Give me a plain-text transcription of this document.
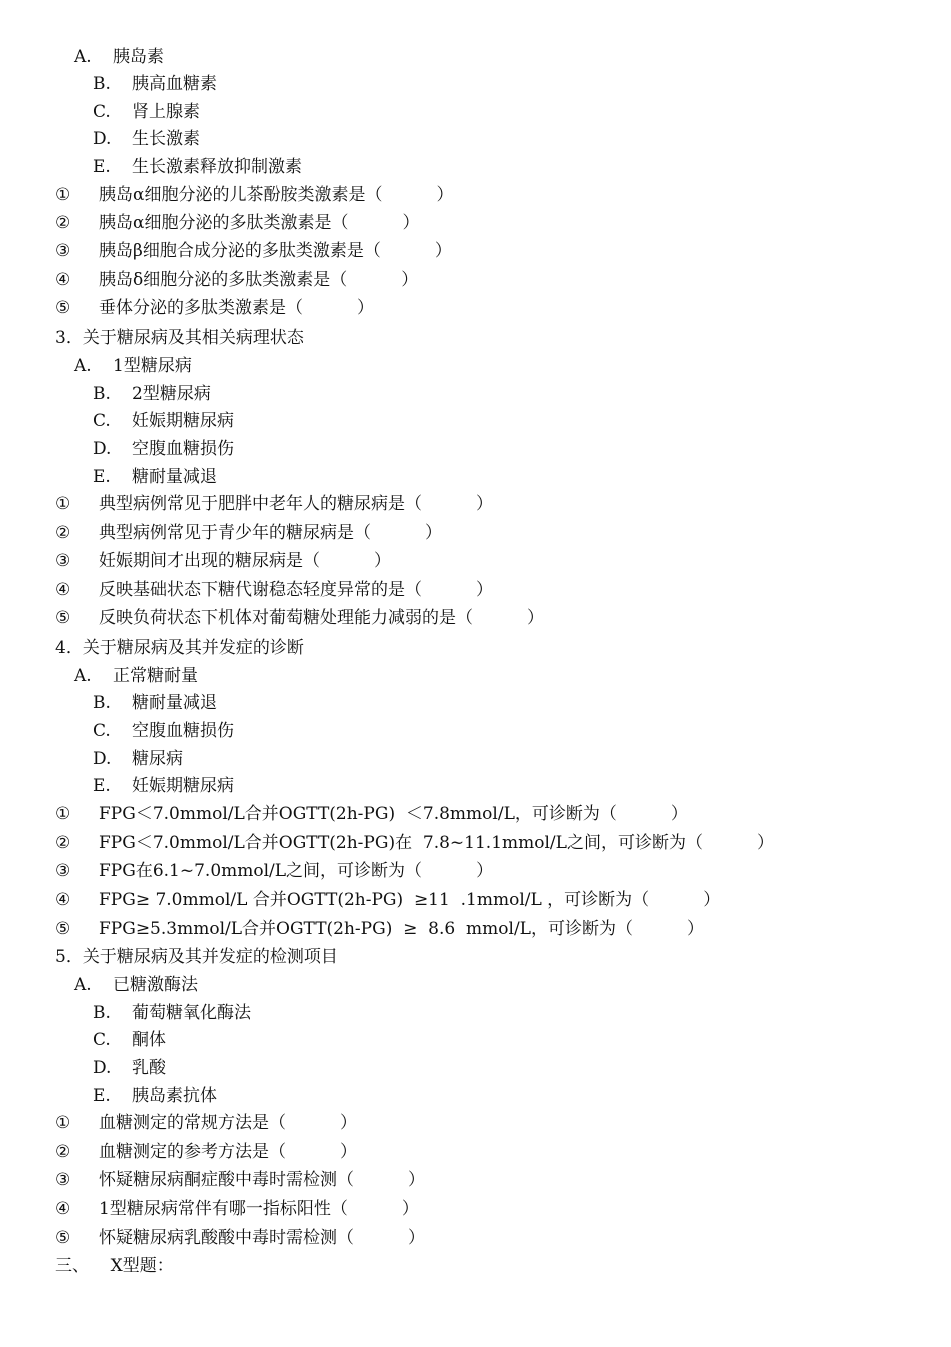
A. 胰岛素
B. 胰高血糖素
C. 肾上腺素
D. 生长激素
E. 生长激素释放抑制激素
① 胰岛α细胞分泌的儿茶酚胺类激素是（          ）
② 胰岛α细胞分泌的多肽类激素是（          ）
③ 胰岛β细胞合成分泌的多肽类激素是（          ）
④ 胰岛δ细胞分泌的多肽类激素是（          ）
⑤ 垂体分泌的多肽类激素是（          ）
3．关于糖尿病及其相关病理状态
A. 1型糖尿病
B. 2型糖尿病
C. 妊娠期糖尿病
D. 空腹血糖损伤
E. 糖耐量减退
① 典型病例常见于肥胖中老年人的糖尿病是（          ）
② 典型病例常见于青少年的糖尿病是（          ）
③ 妊娠期间才出现的糖尿病是（          ）
④ 反映基础状态下糖代谢稳态轻度异常的是（          ）
⑤ 反映负荷状态下机体对葡萄糖处理能力减弱的是（          ）
4．关于糖尿病及其并发症的诊断
A. 正常糖耐量
B. 糖耐量减退
C. 空腹血糖损伤
D. 糖尿病
E. 妊娠期糖尿病
① FPG＜7.0mmol/L合并OGTT(2h-PG)  ＜7.8mmol/L，可诊断为（          ）
② FPG＜7.0mmol/L合并OGTT(2h-PG)在  7.8~11.1mmol/L之间，可诊断为（          ）
③ FPG在6.1~7.0mmol/L之间，可诊断为（          ）
④ FPG≥ 7.0mmol/L 合并OGTT(2h-PG)  ≥11  .1mmol/L ，可诊断为（          ）
⑤ FPG≥5.3mmol/L合并OGTT(2h-PG)  ≥  8.6  mmol/L，可诊断为（          ）
5．关于糖尿病及其并发症的检测项目
A. 已糖激酶法
B. 葡萄糖氧化酶法
C. 酮体
D. 乳酸
E. 胰岛素抗体
① 血糖测定的常规方法是（          ）
② 血糖测定的参考方法是（          ）
③ 怀疑糖尿病酮症酸中毒时需检测（          ）
④ 1型糖尿病常伴有哪一指标阳性（          ）
⑤ 怀疑糖尿病乳酸酸中毒时需检测（          ）
三、    X型题：
